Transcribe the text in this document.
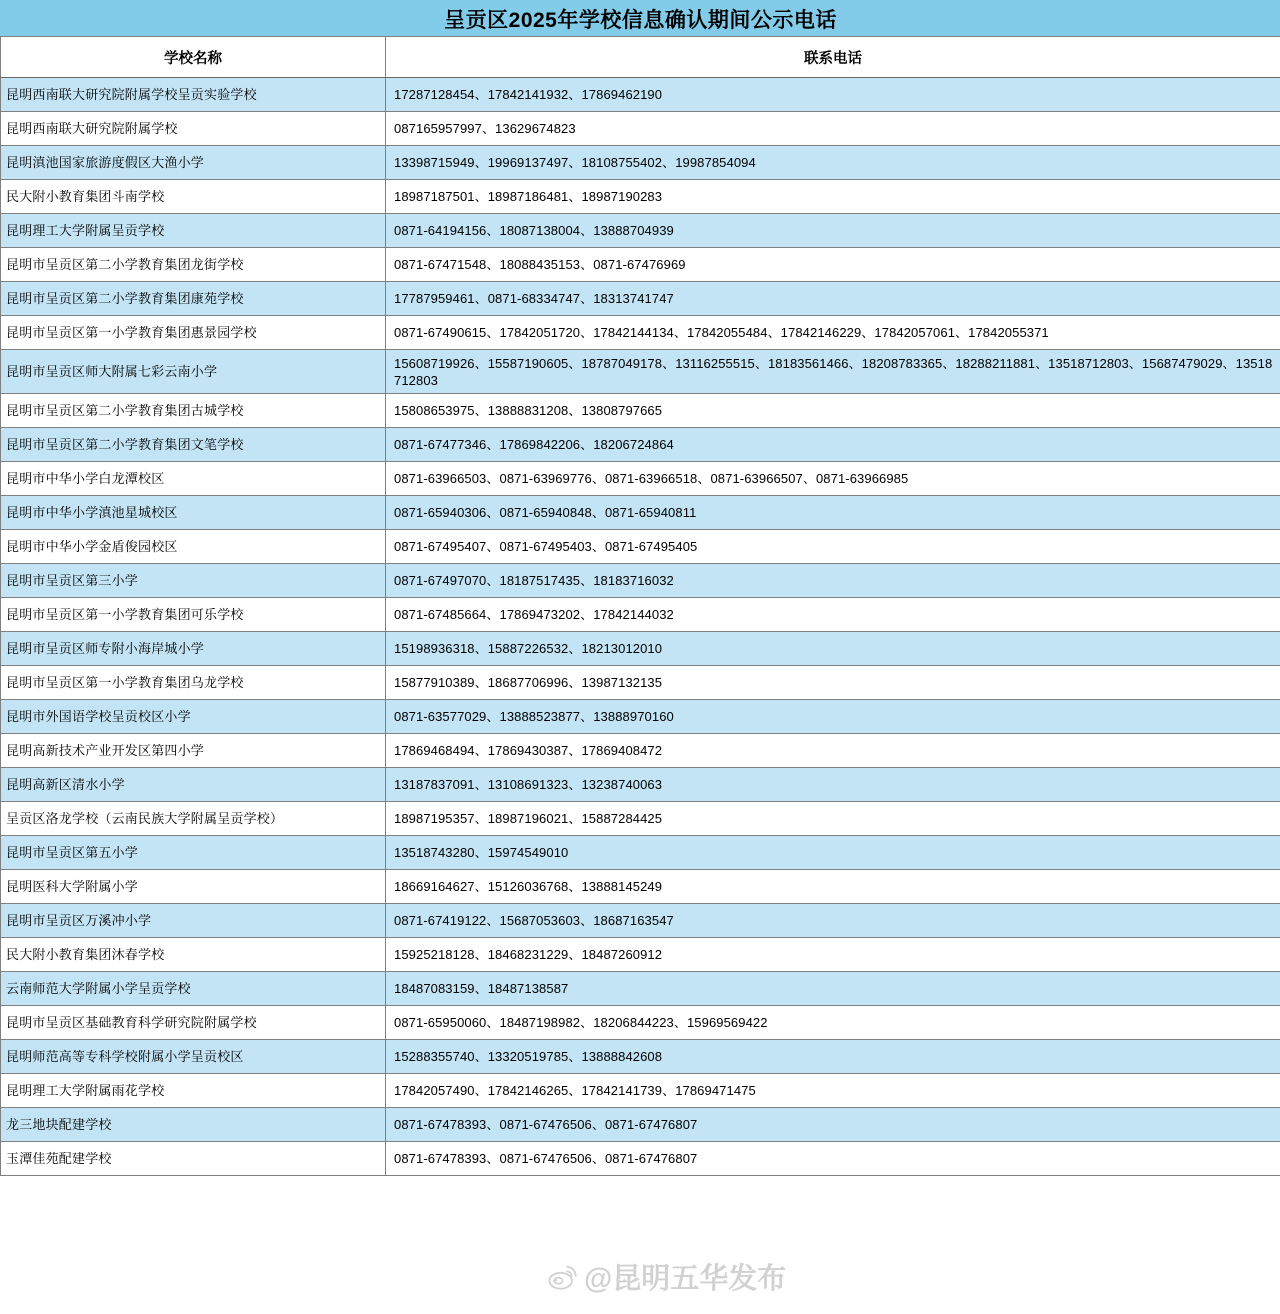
呈贡区2025年学校信息确认期间公示电话	
学校名称	联系电话
昆明西南联大研究院附属学校呈贡实验学校	17287128454、17842141932、17869462190
昆明西南联大研究院附属学校	087165957997、13629674823
昆明滇池国家旅游度假区大渔小学	13398715949、19969137497、18108755402、19987854094
民大附小教育集团斗南学校	18987187501、18987186481、18987190283
昆明理工大学附属呈贡学校	0871-64194156、18087138004、13888704939
昆明市呈贡区第二小学教育集团龙街学校	0871-67471548、18088435153、0871-67476969
昆明市呈贡区第二小学教育集团康苑学校	17787959461、0871-68334747、18313741747
昆明市呈贡区第一小学教育集团惠景园学校	0871-67490615、17842051720、17842144134、17842055484、17842146229、17842057061、17842055371
昆明市呈贡区师大附属七彩云南小学	15608719926、15587190605、18787049178、13116255515、18183561466、18208783365、18288211881、13518712803、15687479029、13518712803
昆明市呈贡区第二小学教育集团古城学校	15808653975、13888831208、13808797665
昆明市呈贡区第二小学教育集团文笔学校	0871-67477346、17869842206、18206724864
昆明市中华小学白龙潭校区	0871-63966503、0871-63969776、0871-63966518、0871-63966507、0871-63966985
昆明市中华小学滇池星城校区	0871-65940306、0871-65940848、0871-65940811
昆明市中华小学金盾俊园校区	0871-67495407、0871-67495403、0871-67495405
昆明市呈贡区第三小学	0871-67497070、18187517435、18183716032
昆明市呈贡区第一小学教育集团可乐学校	0871-67485664、17869473202、17842144032
昆明市呈贡区师专附小海岸城小学	15198936318、15887226532、18213012010
昆明市呈贡区第一小学教育集团乌龙学校	15877910389、18687706996、13987132135
昆明市外国语学校呈贡校区小学	0871-63577029、13888523877、13888970160
昆明高新技术产业开发区第四小学	17869468494、17869430387、17869408472
昆明高新区清水小学	13187837091、13108691323、13238740063
呈贡区洛龙学校（云南民族大学附属呈贡学校）	18987195357、18987196021、15887284425
昆明市呈贡区第五小学	13518743280、15974549010
昆明医科大学附属小学	18669164627、15126036768、13888145249
昆明市呈贡区万溪冲小学	0871-67419122、15687053603、18687163547
民大附小教育集团沐春学校	15925218128、18468231229、18487260912
云南师范大学附属小学呈贡学校	18487083159、18487138587
昆明市呈贡区基础教育科学研究院附属学校	0871-65950060、18487198982、18206844223、15969569422
昆明师范高等专科学校附属小学呈贡校区	15288355740、13320519785、13888842608
昆明理工大学附属雨花学校	17842057490、17842146265、17842141739、17869471475
龙三地块配建学校	0871-67478393、0871-67476506、0871-67476807
玉潭佳苑配建学校	0871-67478393、0871-67476506、0871-67476807
@昆明五华发布
